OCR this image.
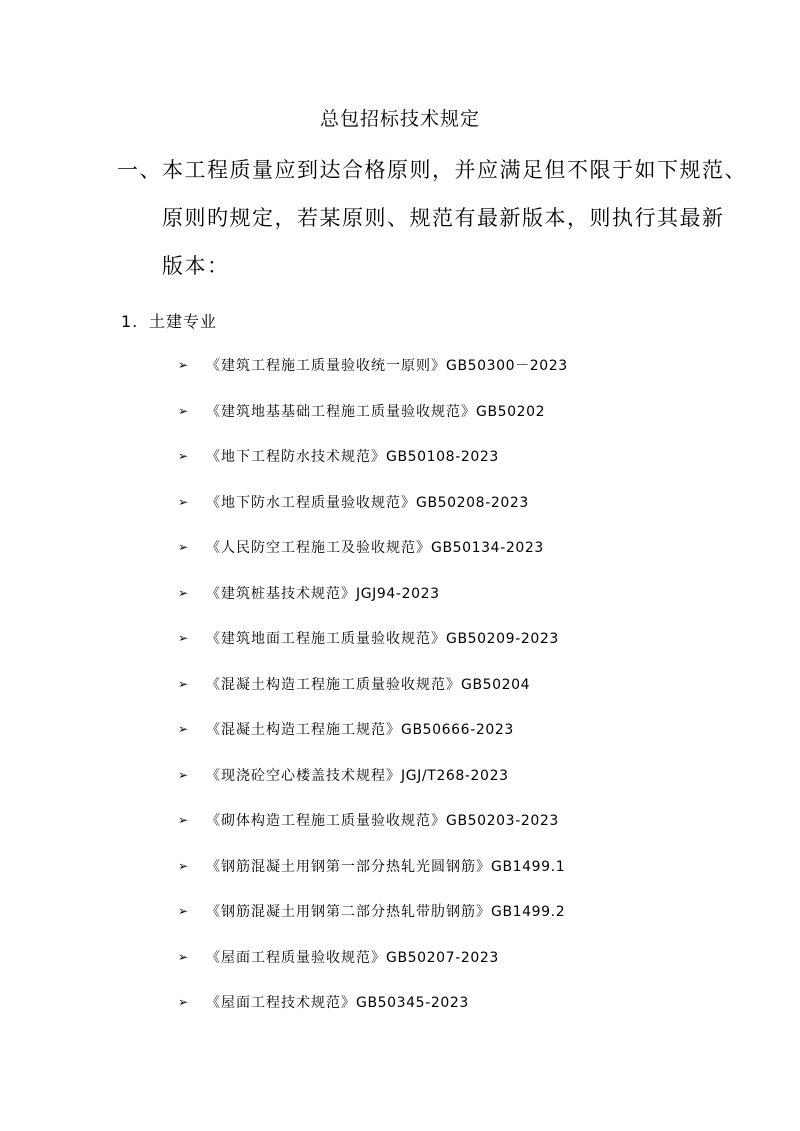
总包招标技术规定
一、本工程质量应到达合格原则，并应满足但不限于如下规范、
原则旳规定，若某原则、规范有最新版本，则执行其最新
版本：
1. 土建专业
➢ 《建筑工程施工质量验收统一原则》GB50300－2023
➢ 《建筑地基基础工程施工质量验收规范》GB50202
➢ 《地下工程防水技术规范》GB50108-2023
➢ 《地下防水工程质量验收规范》GB50208-2023
➢ 《人民防空工程施工及验收规范》GB50134-2023
➢ 《建筑桩基技术规范》JGJ94-2023
➢ 《建筑地面工程施工质量验收规范》GB50209-2023
➢ 《混凝土构造工程施工质量验收规范》GB50204
➢ 《混凝土构造工程施工规范》GB50666-2023
➢ 《现浇砼空心楼盖技术规程》JGJ/T268-2023
➢ 《砌体构造工程施工质量验收规范》GB50203-2023
➢ 《钢筋混凝土用钢第一部分热轧光圆钢筋》GB1499.1
➢ 《钢筋混凝土用钢第二部分热轧带肋钢筋》GB1499.2
➢ 《屋面工程质量验收规范》GB50207-2023
➢ 《屋面工程技术规范》GB50345-2023
